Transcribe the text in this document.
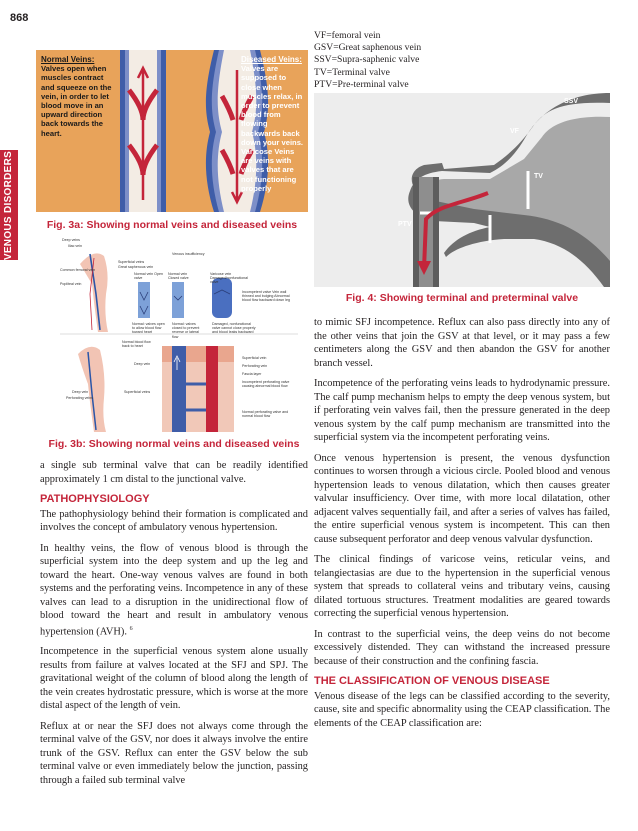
868
VENOUS DISORDERS
Normal Veins:
Valves open when muscles contract and squeeze on the vein, in order to let blood move in an upward direction back towards the heart.
Diseased Veins:
Valves are supposed to close when muscles relax, in order to prevent blood from flowing backwards back down your veins. Varicose Veins are veins with valves that are not functioning properly
Fig. 3a: Showing normal veins and diseased veins
Deep veins
Iliac vein
Common femoral vein
Popliteal vein
Superficial veins
Great saphenous vein
Venous insufficiency
Normal vein Open valve
Normal vein Closed valve
Varicose vein Damaged/nonfunctional valve
Incompetent valve Vein wall thinned and bulging Abnormal blood flow backward down leg
Normal: valves open to allow blood flow toward heart
Normal: valves closed to prevent reverse or lateral flow
Damaged, nonfunctional valve cannot close properly and blood leaks backward
Normal blood flow back to heart
Deep vein
Superficial vein
Perforating vein
Fascia layer
Incompetent perforating valve causing abnormal blood flow
Deep vein
Perforating veins
Superficial veins
Normal perforating valve and normal blood flow
Fig. 3b: Showing normal veins and diseased veins
VF=femoral vein
GSV=Great saphenous vein
SSV=Supra-saphenic valve
TV=Terminal valve
PTV=Pre-terminal valve
SSV
VF
TV
PTV
Fig. 4: Showing terminal and preterminal valve

a single sub terminal valve that can be readily identified approximately 1 cm distal to the junctional valve.

PATHOPHYSIOLOGY

The pathophysiology behind their formation is complicated and involves the concept of ambulatory venous hypertension.

In healthy veins, the flow of venous blood is through the superficial system into the deep system and up the leg and toward the heart. One-way venous valves are found in both systems and the perforating veins. Incompetence in any of these valves can lead to a disruption in the unidirectional flow of blood toward the heart and result in ambulatory venous hypertension (AVH). $^6$

Incompetence in the superficial venous system alone usually results from failure at valves located at the SFJ and SPJ. The gravitational weight of the column of blood along the length of the vein creates hydrostatic pressure, which is worse at the more distal aspect of the length of vein.

Reflux at or near the SFJ does not always come through the terminal valve of the GSV, nor does it always involve the entire trunk of the GSV. Reflux can enter the GSV below the sub terminal valve or even immediately below the junction, passing through a failed sub terminal valve

to mimic SFJ incompetence. Reflux can also pass directly into any of the other veins that join the GSV at that level, or it may pass a few centimeters along the GSV and then abandon the GSV for another branch vessel.

Incompetence of the perforating veins leads to hydrodynamic pressure. The calf pump mechanism helps to empty the deep venous system, but if perforating vein valves fail, then the pressure generated in the deep venous system by the calf pump mechanism are transmitted into the superficial system via the incompetent perforating veins.

Once venous hypertension is present, the venous dysfunction continues to worsen through a vicious circle. Pooled blood and venous hypertension leads to venous dilatation, which then causes greater valvular insufficiency. Over time, with more local dilatation, other adjacent valves sequentially fail, and after a series of valves has failed, the entire superficial venous system is incompetent. This can then cause subsequent perforator and deep venous valvular dysfunction.

The clinical findings of varicose veins, reticular veins, and telangiectasias are due to the hypertension in the superficial venous system that spreads to collateral veins and tributary veins, causing dilated tortuous structures. Treatment modalities are geared towards correcting the superficial venous hypertension.

In contrast to the superficial veins, the deep veins do not become excessively distended. They can withstand the increased pressure because of their construction and the confining fascia.

THE CLASSIFICATION OF VENOUS DISEASE

Venous disease of the legs can be classified according to the severity, cause, site and specific abnormality using the CEAP classification. The elements of the CEAP classification are:
